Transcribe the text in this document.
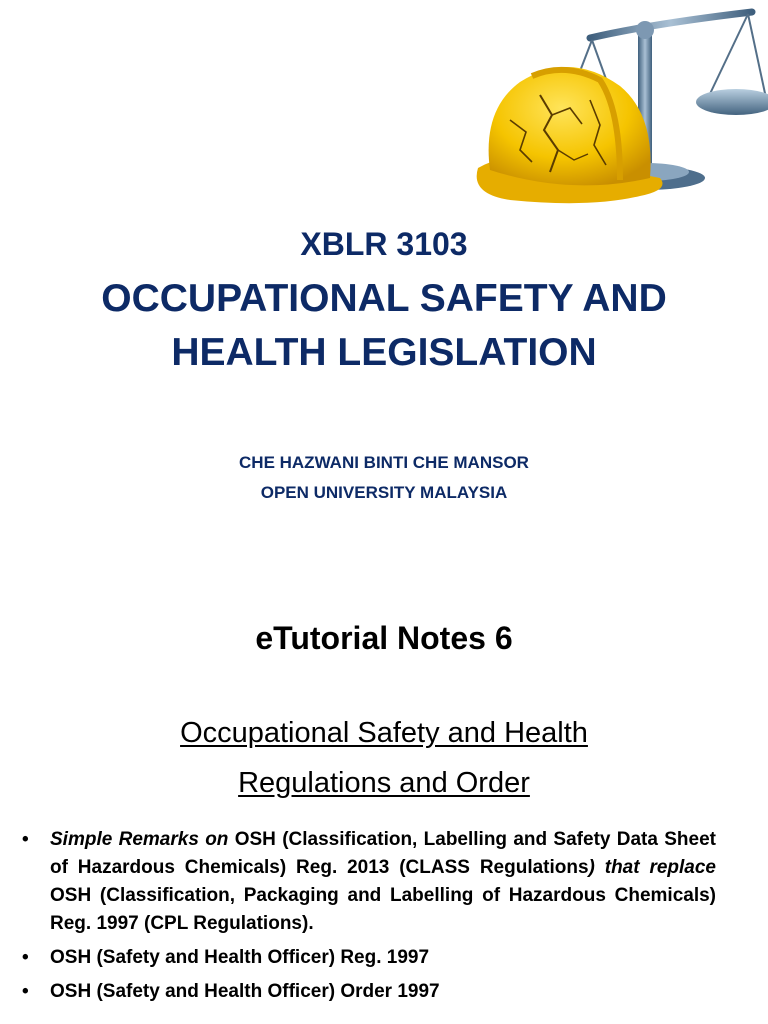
XBLR 3103
OCCUPATIONAL SAFETY AND
HEALTH LEGISLATION
CHE HAZWANI BINTI CHE MANSOR
OPEN UNIVERSITY MALAYSIA
eTutorial Notes 6
Occupational Safety and Health
Regulations and Order
• Simple Remarks on OSH (Classification, Labelling and Safety Data Sheet of Hazardous Chemicals) Reg. 2013 (CLASS Regulations) that replace OSH (Classification, Packaging and Labelling of Hazardous Chemicals) Reg. 1997 (CPL Regulations).
• OSH (Safety and Health Officer) Reg. 1997
• OSH (Safety and Health Officer) Order 1997
